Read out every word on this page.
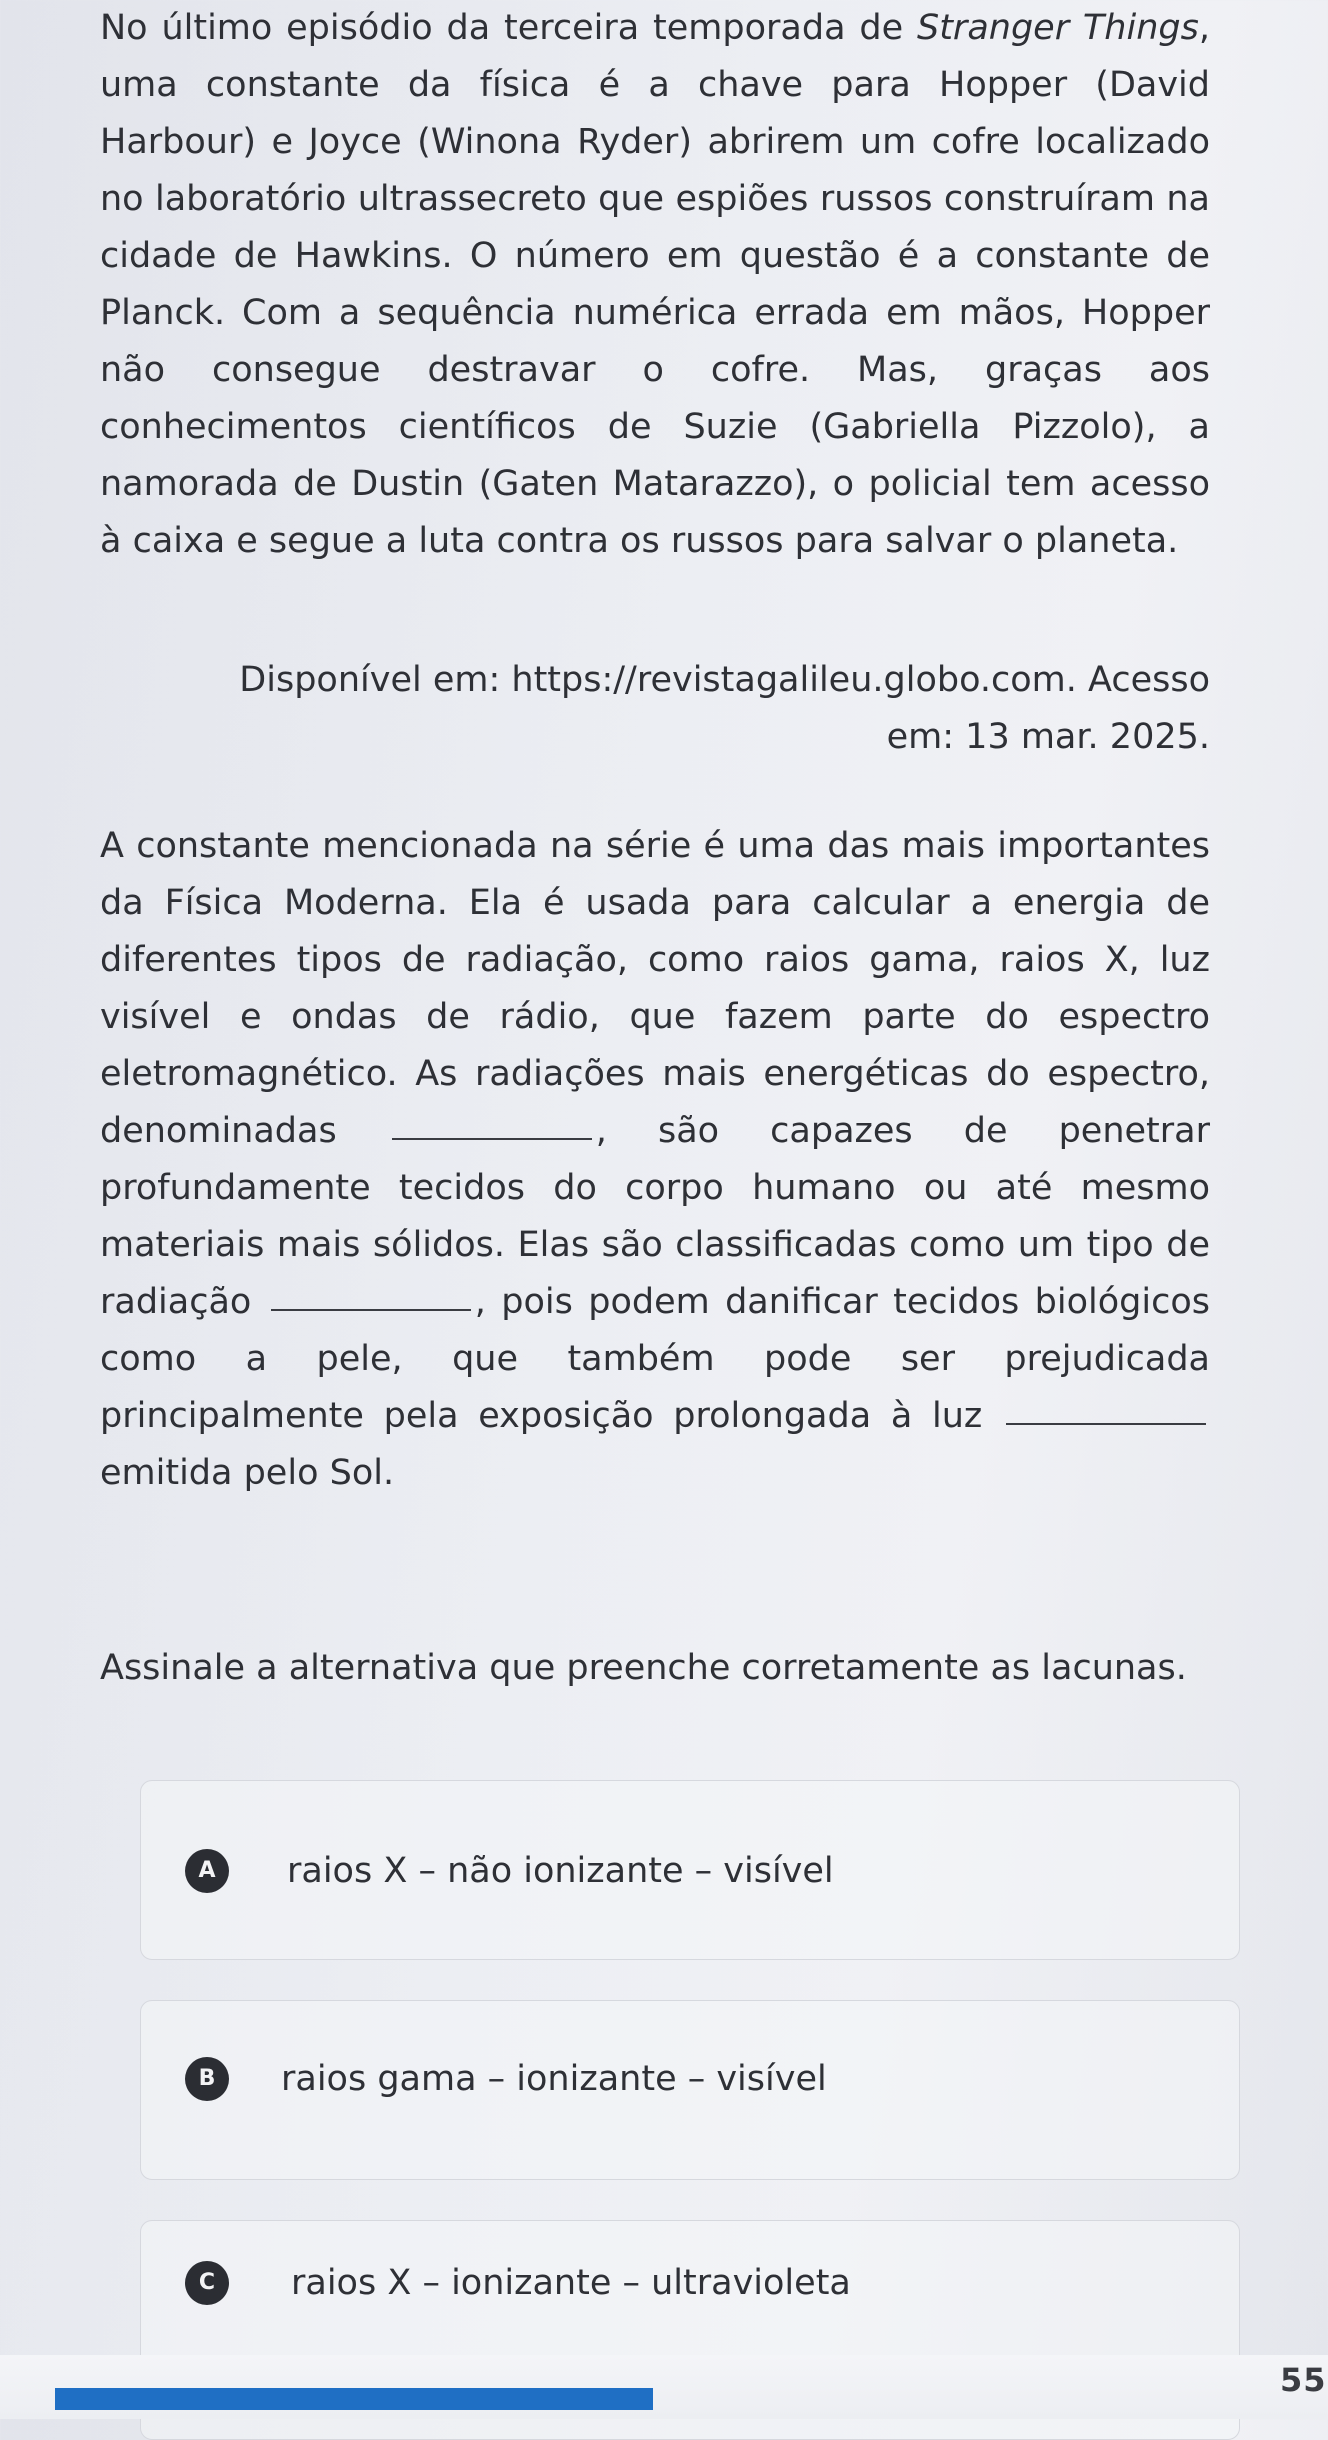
No último episódio da terceira temporada de Stranger Things, uma constante da física é a chave para Hopper (David Harbour) e Joyce (Winona Ryder) abrirem um cofre localizado no laboratório ultrassecreto que espiões russos construíram na cidade de Hawkins. O número em questão é a constante de Planck. Com a sequência numérica errada em mãos, Hopper não consegue destravar o cofre. Mas, graças aos conhecimentos científicos de Suzie (Gabriella Pizzolo), a namorada de Dustin (Gaten Matarazzo), o policial tem acesso à caixa e segue a luta contra os russos para salvar o planeta.

Disponível em: https://revistagalileu.globo.com. Acesso
em: 13 mar. 2025.

A constante mencionada na série é uma das mais importantes da Física Moderna. Ela é usada para calcular a energia de diferentes tipos de radiação, como raios gama, raios X, luz visível e ondas de rádio, que fazem parte do espectro eletromagnético. As radiações mais energéticas do espectro, denominadas	, são capazes de penetrar profundamente tecidos do corpo humano ou até mesmo materiais mais sólidos. Elas são classificadas como um tipo de radiação	, pois podem danificar tecidos biológicos como a pele, que também pode ser prejudicada principalmente pela exposição prolongada à luz  emitida pelo Sol.

Assinale a alternativa que preenche corretamente as lacunas.

A	raios X – não ionizante – visível
B	raios gama – ionizante – visível
C	raios X – ionizante – ultravioleta
55
